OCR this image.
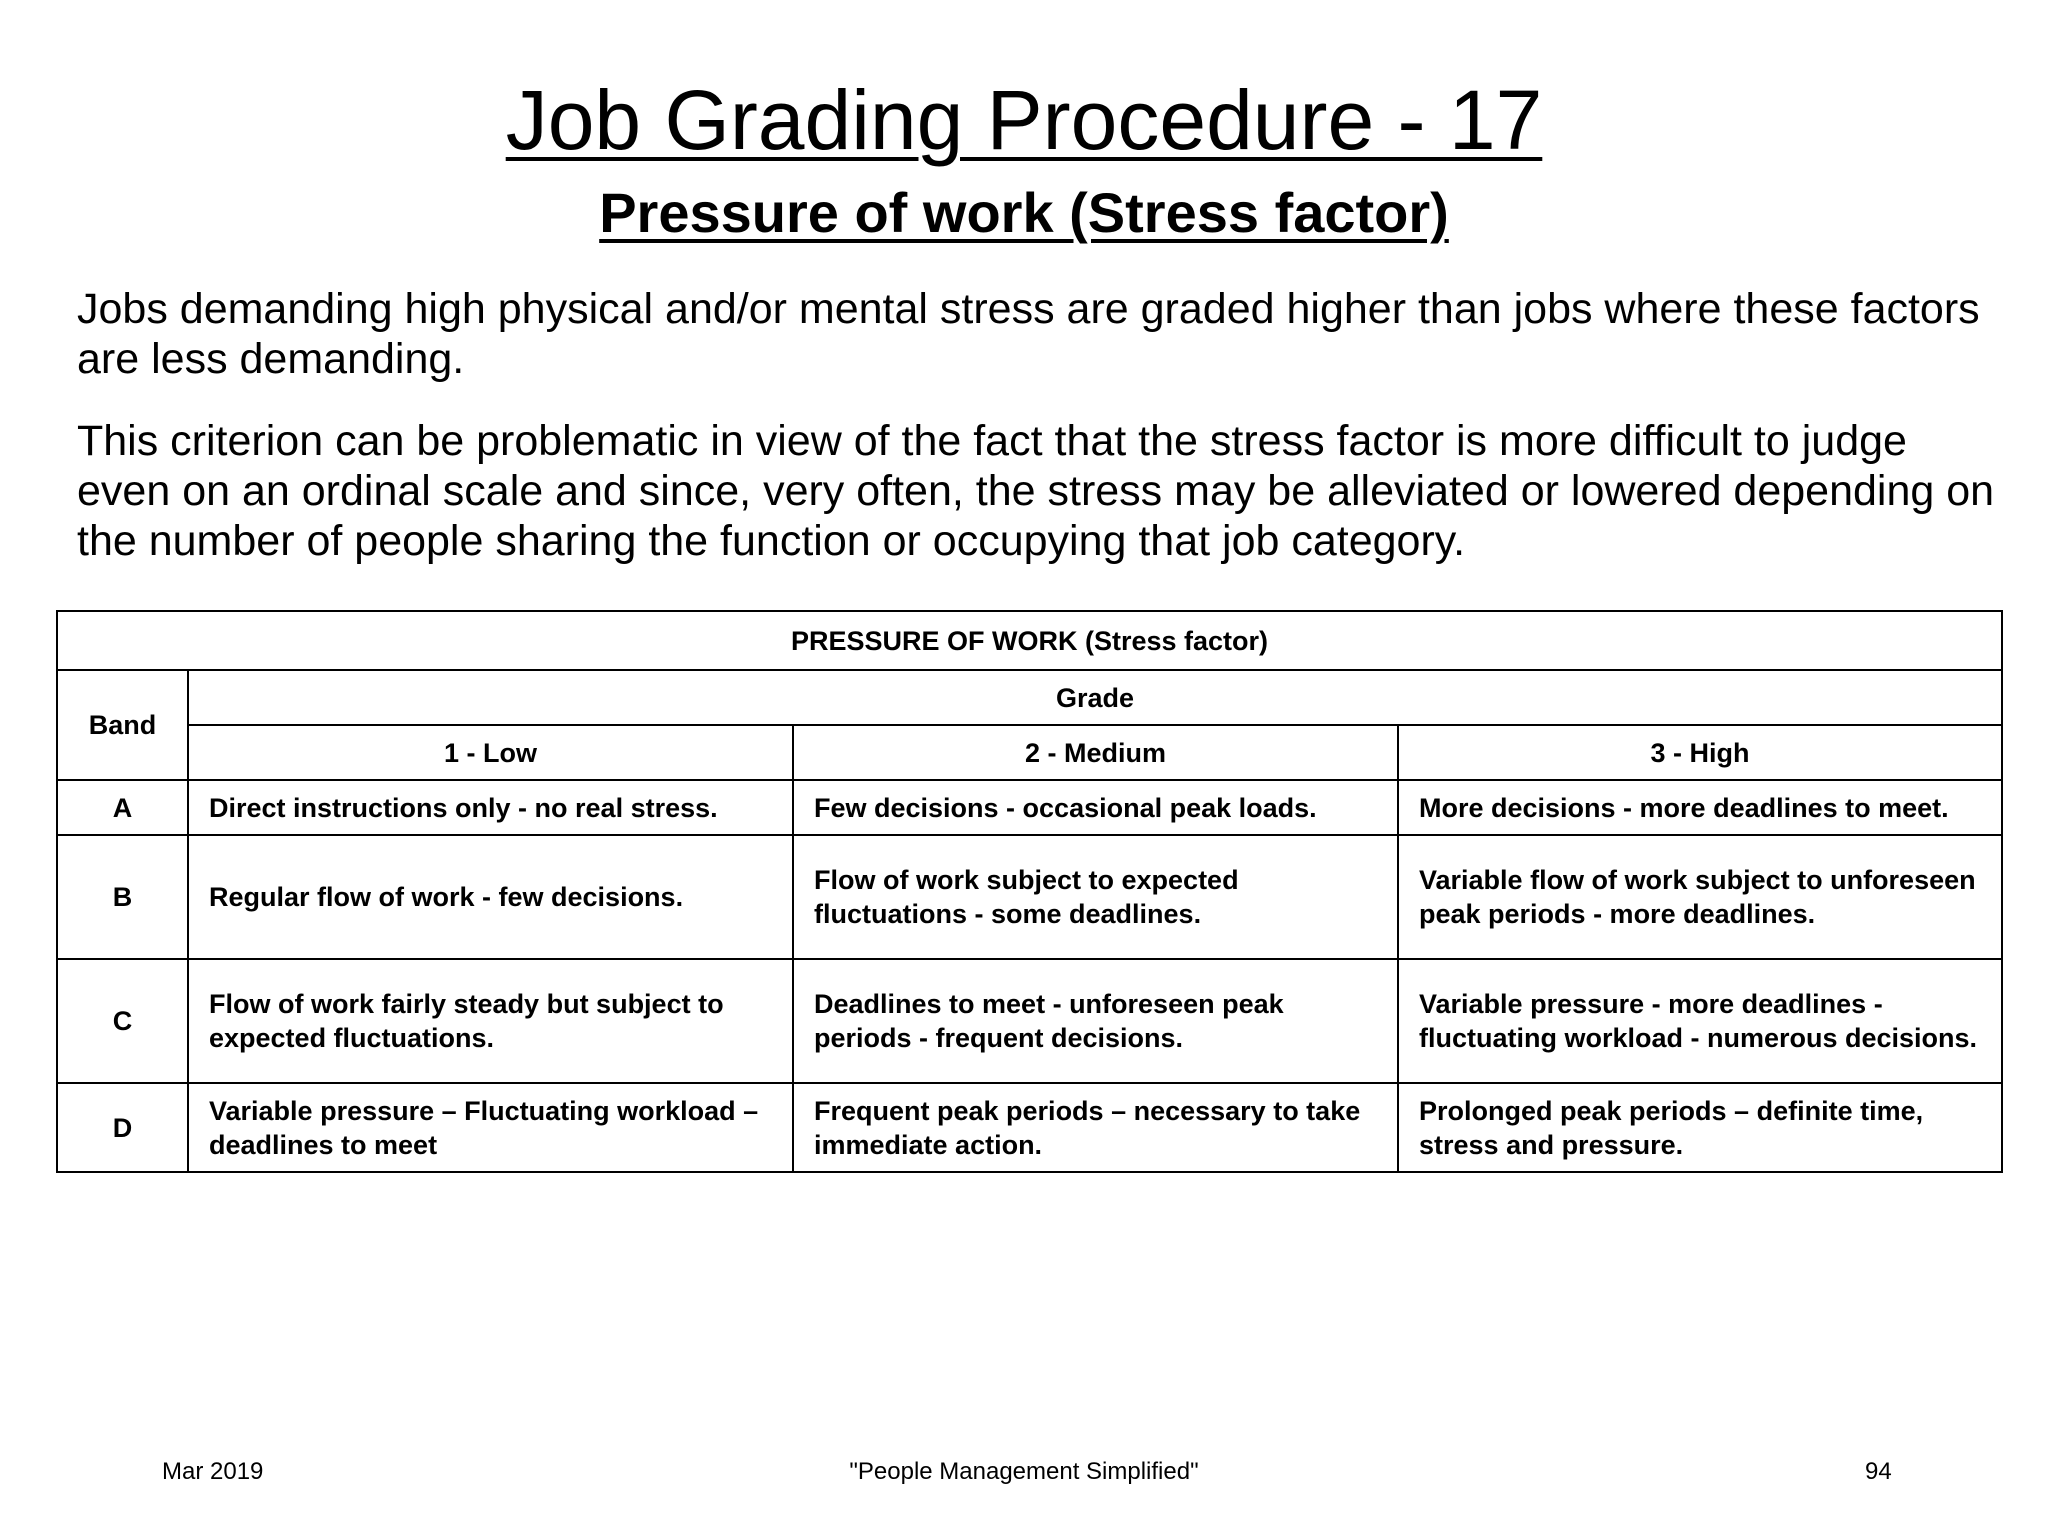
Job Grading Procedure - 17
Pressure of work (Stress factor)

Jobs demanding high physical and/or mental stress are graded higher than jobs where these factors are less demanding.

This criterion can be problematic in view of the fact that the stress factor is more difficult to judge even on an ordinal scale and since, very often, the stress may be alleviated or lowered depending on the number of people sharing the function or occupying that job category.

PRESSURE OF WORK (Stress factor)			
Band	Grade		
	1 - Low	2 - Medium	3 - High
A	Direct instructions only - no real stress.	Few decisions - occasional peak loads.	More decisions - more deadlines to meet.
B	Regular flow of work - few decisions.	Flow of work subject to expected fluctuations - some deadlines.	Variable flow of work subject to unforeseen peak periods - more deadlines.
C	Flow of work fairly steady but subject to expected fluctuations.	Deadlines to meet - unforeseen peak periods - frequent decisions.	Variable pressure - more deadlines - fluctuating workload - numerous decisions.
D	Variable pressure – Fluctuating workload – deadlines to meet	Frequent peak periods – necessary to take immediate action.	Prolonged peak periods – definite time, stress and pressure.
Mar 2019	"People Management Simplified"	94
